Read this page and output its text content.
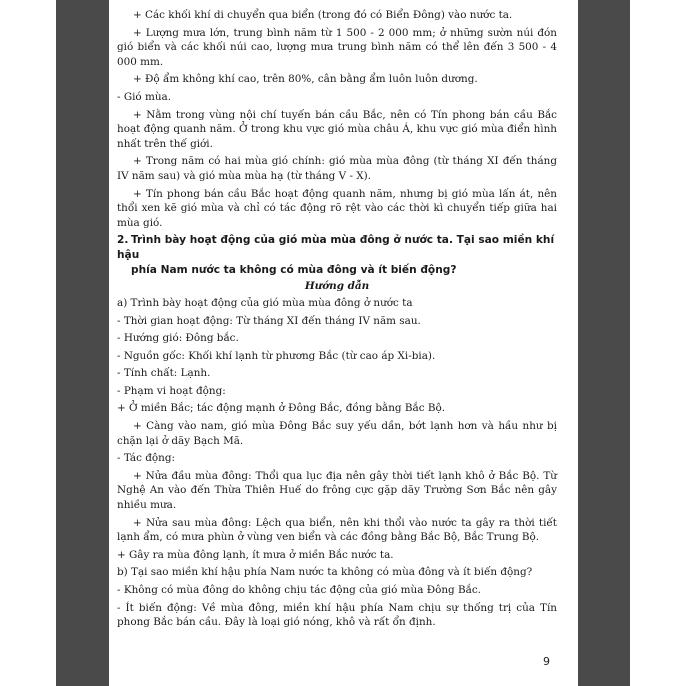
+ Các khối khí di chuyển qua biển (trong đó có Biển Đông) vào nước ta.

+ Lượng mưa lớn, trung bình năm từ 1 500 - 2 000 mm; ở những sườn núi đón gió biển và các khối núi cao, lượng mưa trung bình năm có thể lên đến 3 500 - 4 000 mm.

+ Độ ẩm không khí cao, trên 80%, cân bằng ẩm luôn luôn dương.

- Gió mùa.

+ Nằm trong vùng nội chí tuyến bán cầu Bắc, nên có Tín phong bán cầu Bắc hoạt động quanh năm. Ở trong khu vực gió mùa châu Á, khu vực gió mùa điển hình nhất trên thế giới.

+ Trong năm có hai mùa gió chính: gió mùa mùa đông (từ tháng XI đến tháng IV năm sau) và gió mùa mùa hạ (từ tháng V - X).

+ Tín phong bán cầu Bắc hoạt động quanh năm, nhưng bị gió mùa lấn át, nên thổi xen kẽ gió mùa và chỉ có tác động rõ rệt vào các thời kì chuyển tiếp giữa hai mùa gió.

2. Trình bày hoạt động của gió mùa mùa đông ở nước ta. Tại sao miền khí hậu
phía Nam nước ta không có mùa đông và ít biến động?
Hướng dẫn

a) Trình bày hoạt động của gió mùa mùa đông ở nước ta

- Thời gian hoạt động: Từ tháng XI đến tháng IV năm sau.

- Hướng gió: Đông bắc.

- Nguồn gốc: Khối khí lạnh từ phương Bắc (từ cao áp Xi-bia).

- Tính chất: Lạnh.

- Phạm vi hoạt động:

+ Ở miền Bắc; tác động mạnh ở Đông Bắc, đồng bằng Bắc Bộ.

+ Càng vào nam, gió mùa Đông Bắc suy yếu dần, bớt lạnh hơn và hầu như bị chặn lại ở dãy Bạch Mã.

- Tác động:

+ Nửa đầu mùa đông: Thổi qua lục địa nên gây thời tiết lạnh khô ở Bắc Bộ. Từ Nghệ An vào đến Thừa Thiên Huế do frông cực gặp dãy Trường Sơn Bắc nên gây nhiều mưa.

+ Nửa sau mùa đông: Lệch qua biển, nên khi thổi vào nước ta gây ra thời tiết lạnh ẩm, có mưa phùn ở vùng ven biển và các đồng bằng Bắc Bộ, Bắc Trung Bộ.

+ Gây ra mùa đông lạnh, ít mưa ở miền Bắc nước ta.

b) Tại sao miền khí hậu phía Nam nước ta không có mùa đông và ít biến động?

- Không có mùa đông do không chịu tác động của gió mùa Đông Bắc.

- Ít biến động: Về mùa đông, miền khí hậu phía Nam chịu sự thống trị của Tín phong Bắc bán cầu. Đây là loại gió nóng, khô và rất ổn định.

9
